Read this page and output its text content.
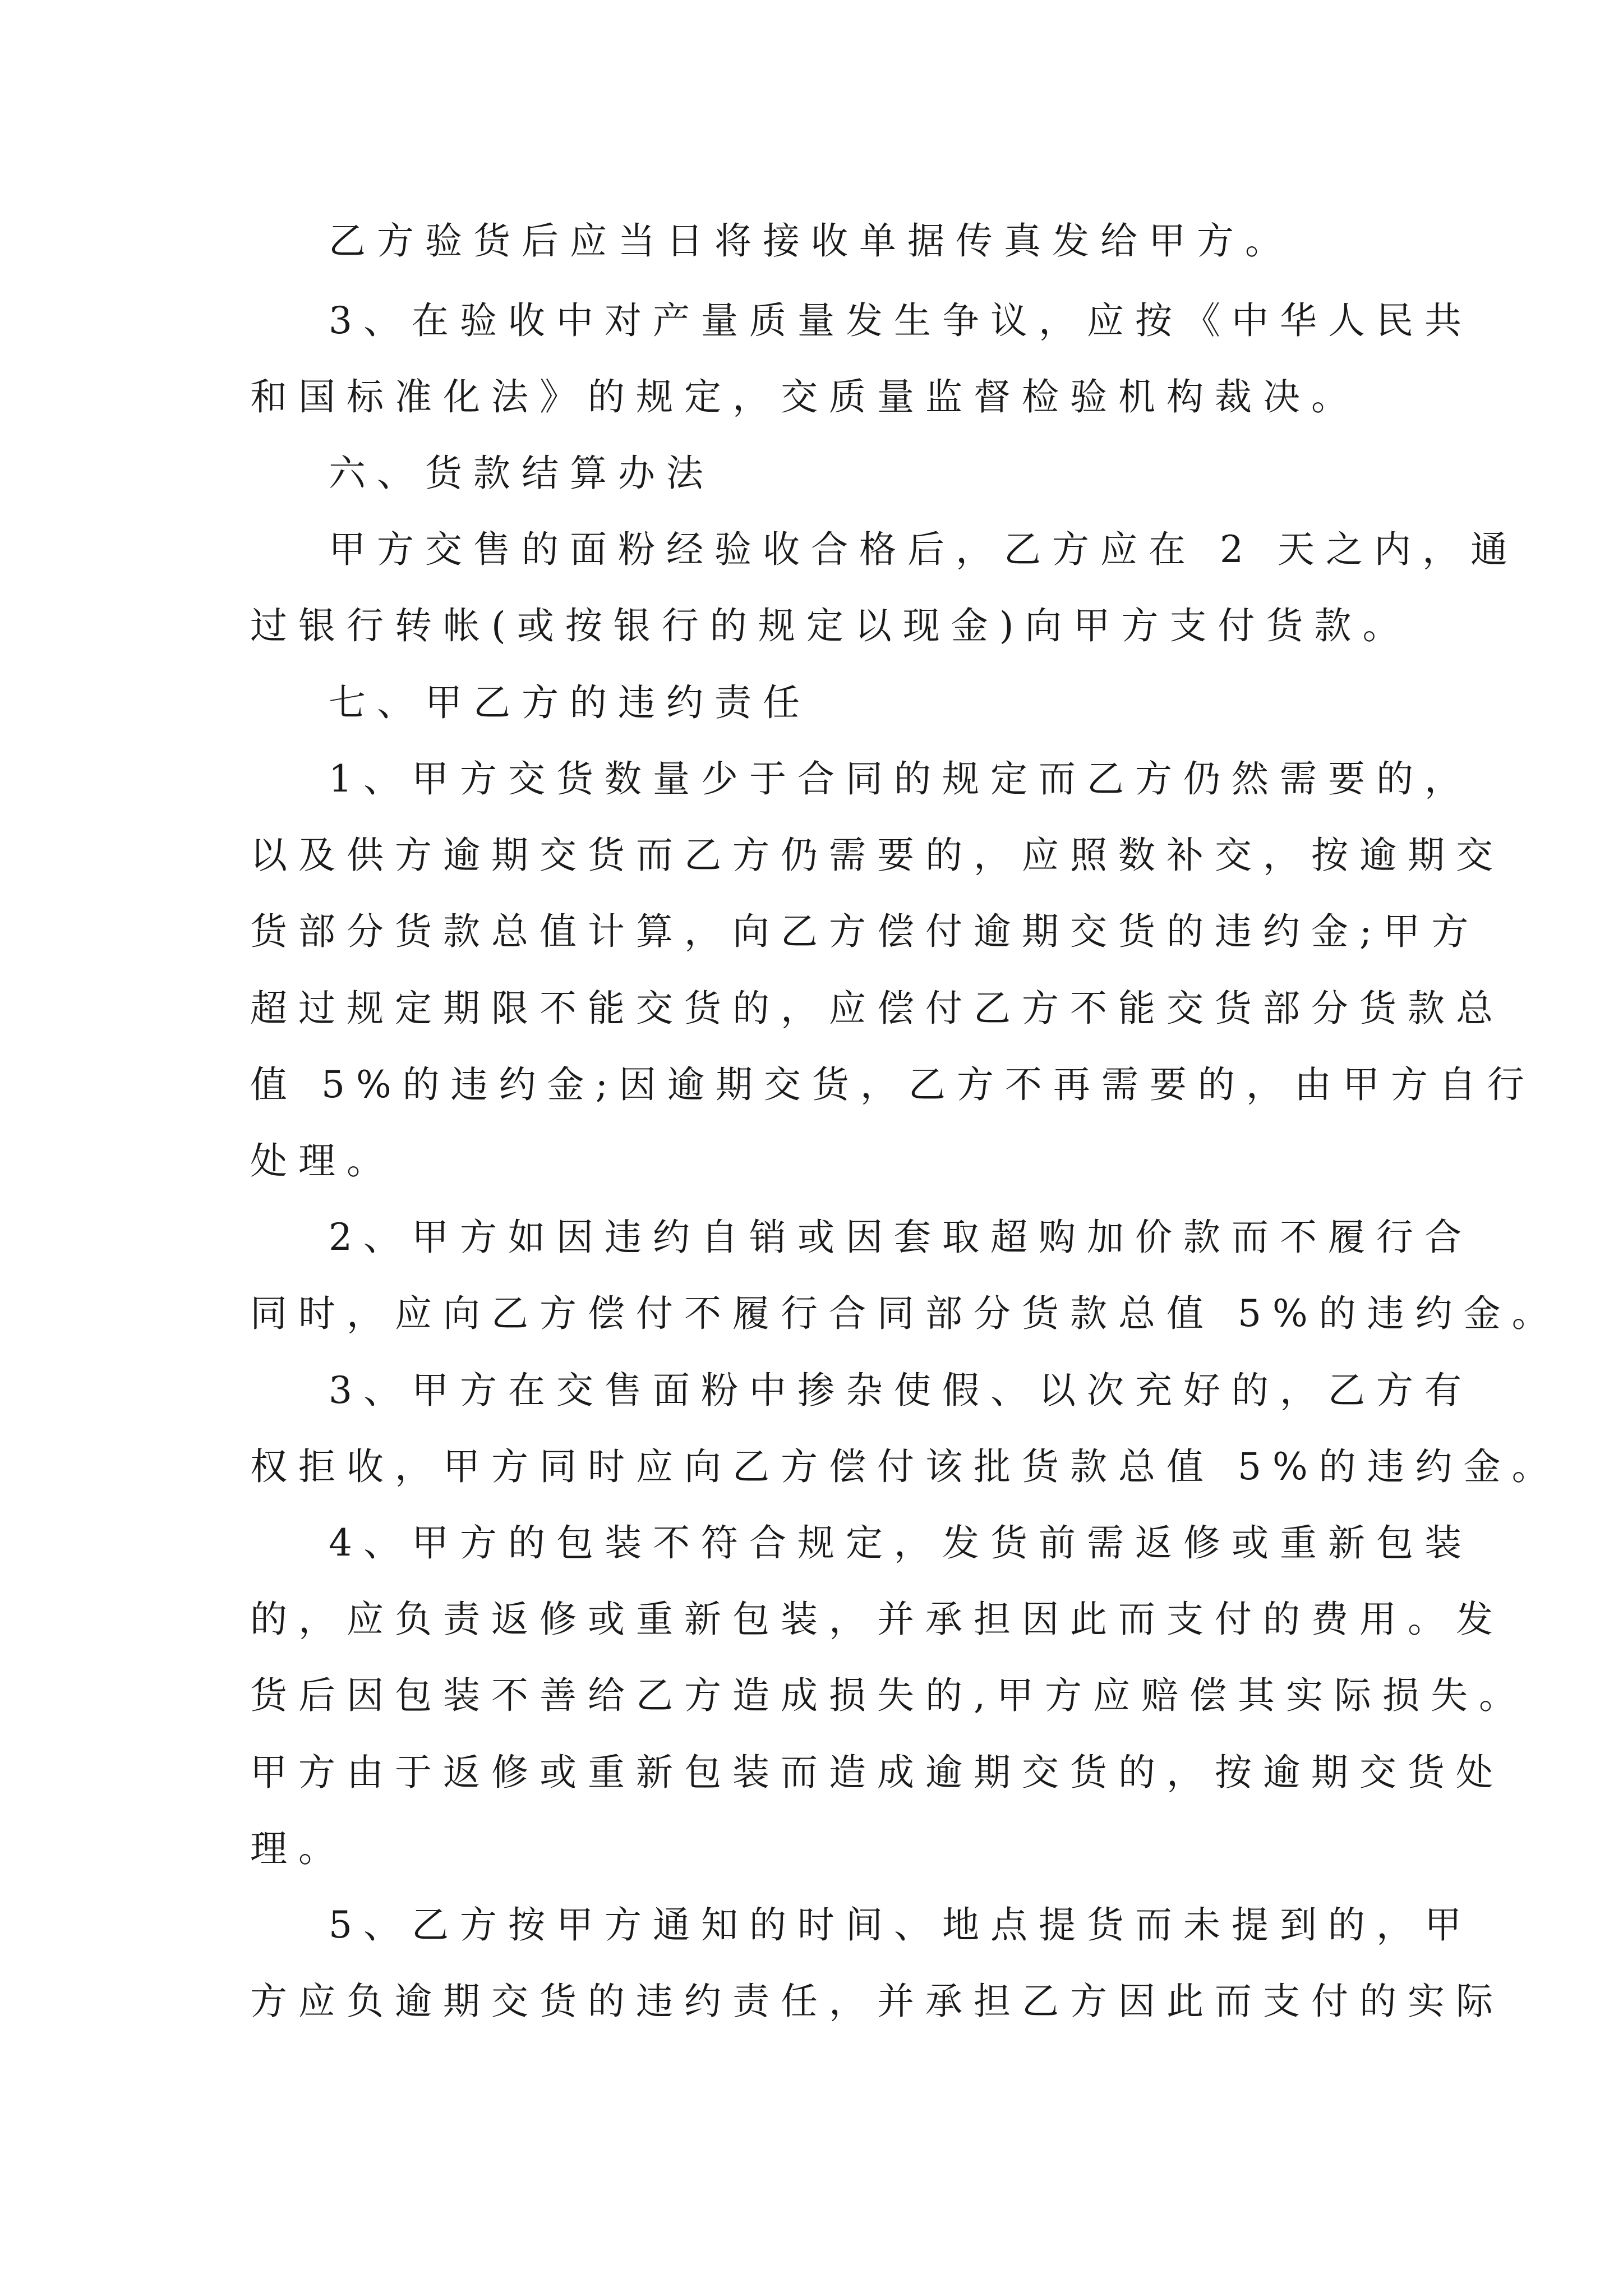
乙方验货后应当日将接收单据传真发给甲方。

3、在验收中对产量质量发生争议，应按《中华人民共

和国标准化法》的规定，交质量监督检验机构裁决。

六、货款结算办法

甲方交售的面粉经验收合格后，乙方应在 2 天之内，通

过银行转帐(或按银行的规定以现金)向甲方支付货款。

七、甲乙方的违约责任

1、甲方交货数量少于合同的规定而乙方仍然需要的，

以及供方逾期交货而乙方仍需要的，应照数补交，按逾期交

货部分货款总值计算，向乙方偿付逾期交货的违约金;甲方

超过规定期限不能交货的，应偿付乙方不能交货部分货款总

值 5%的违约金;因逾期交货，乙方不再需要的，由甲方自行

处理。

2、甲方如因违约自销或因套取超购加价款而不履行合

同时，应向乙方偿付不履行合同部分货款总值 5%的违约金。

3、甲方在交售面粉中掺杂使假、以次充好的，乙方有

权拒收，甲方同时应向乙方偿付该批货款总值 5%的违约金。

4、甲方的包装不符合规定，发货前需返修或重新包装

的，应负责返修或重新包装，并承担因此而支付的费用。发

货后因包装不善给乙方造成损失的,甲方应赔偿其实际损失。

甲方由于返修或重新包装而造成逾期交货的，按逾期交货处

理。

5、乙方按甲方通知的时间、地点提货而未提到的，甲

方应负逾期交货的违约责任，并承担乙方因此而支付的实际
